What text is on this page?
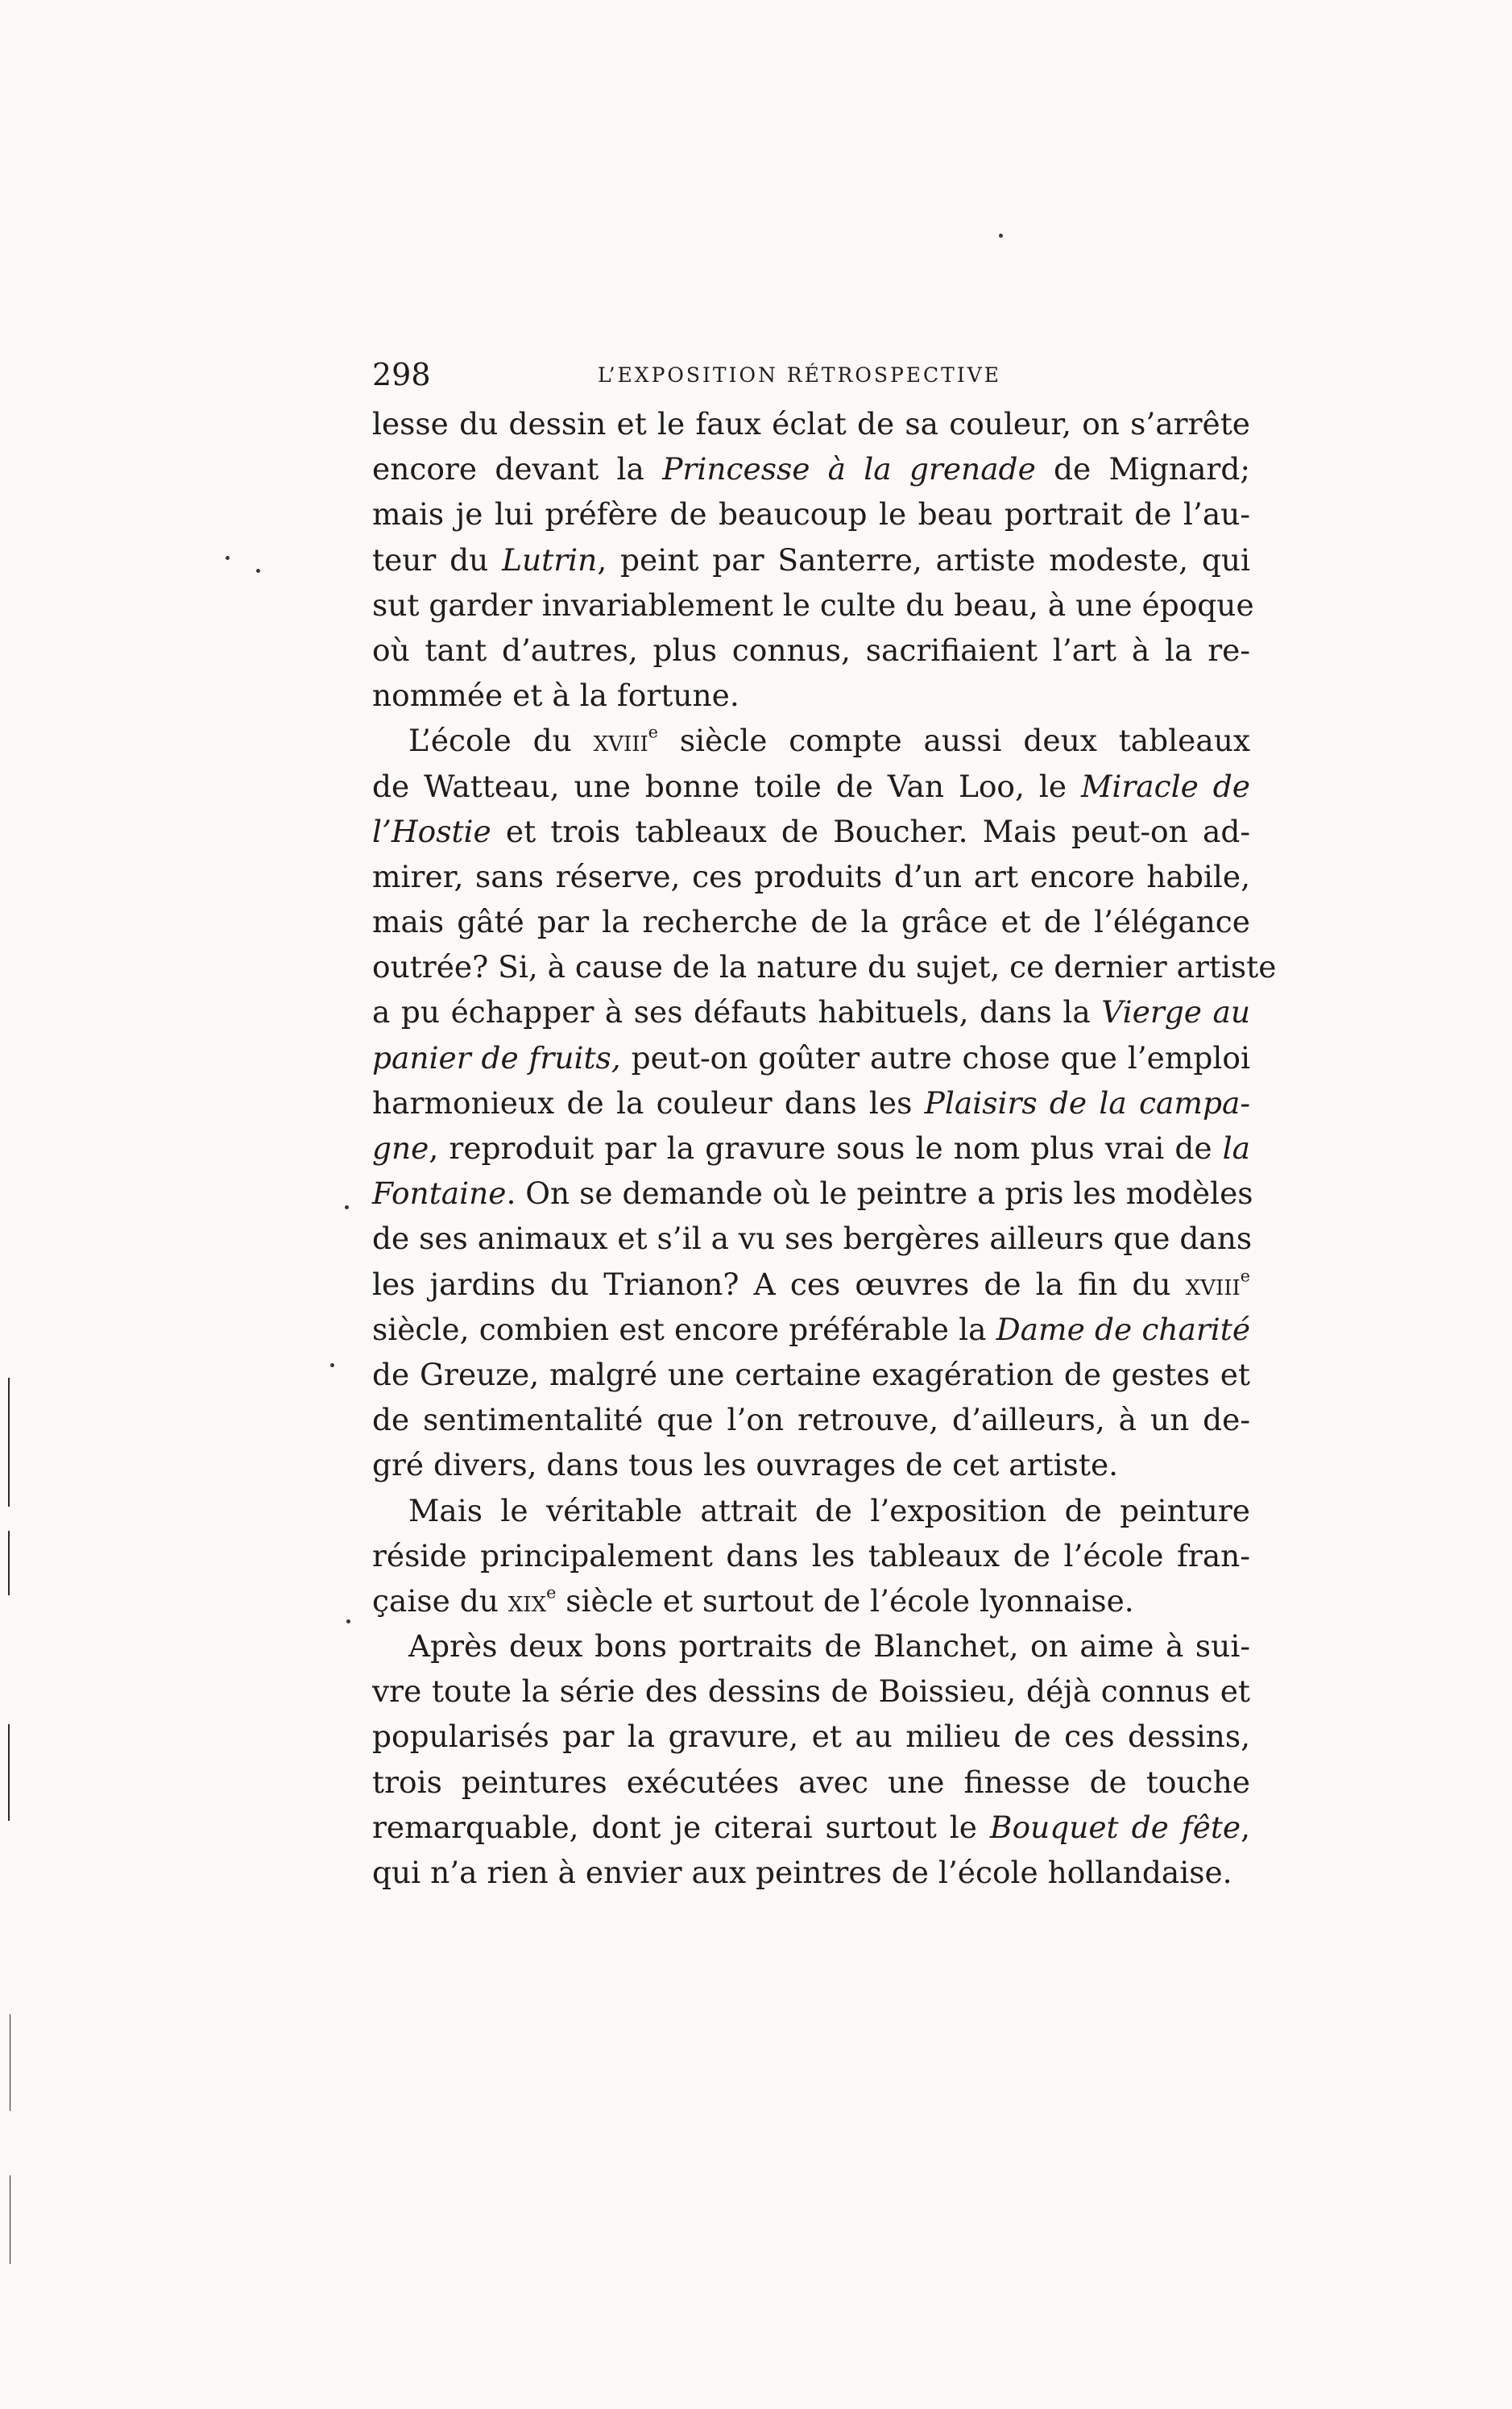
298	L’EXPOSITION RÉTROSPECTIVE
lesse du dessin et le faux éclat de sa couleur, on s’arrête
encore devant la Princesse à la grenade de Mignard;
mais je lui préfère de beaucoup le beau portrait de l’au-
teur du Lutrin, peint par Santerre, artiste modeste, qui
sut garder invariablement le culte du beau, à une époque
où tant d’autres, plus connus, sacrifiaient l’art à la re-
nommée et à la fortune.
L’école du xviii$^e$ siècle compte aussi deux tableaux
de Watteau, une bonne toile de Van Loo, le Miracle de
l’Hostie et trois tableaux de Boucher. Mais peut-on ad-
mirer, sans réserve, ces produits d’un art encore habile,
mais gâté par la recherche de la grâce et de l’élégance
outrée? Si, à cause de la nature du sujet, ce dernier artiste
a pu échapper à ses défauts habituels, dans la Vierge au
panier de fruits, peut-on goûter autre chose que l’emploi
harmonieux de la couleur dans les Plaisirs de la campa-
gne, reproduit par la gravure sous le nom plus vrai de la
Fontaine. On se demande où le peintre a pris les modèles
de ses animaux et s’il a vu ses bergères ailleurs que dans
les jardins du Trianon? A ces œuvres de la fin du xviii$^e$
siècle, combien est encore préférable la Dame de charité
de Greuze, malgré une certaine exagération de gestes et
de sentimentalité que l’on retrouve, d’ailleurs, à un de-
gré divers, dans tous les ouvrages de cet artiste.
Mais le véritable attrait de l’exposition de peinture
réside principalement dans les tableaux de l’école fran-
çaise du xix$^e$ siècle et surtout de l’école lyonnaise.
Après deux bons portraits de Blanchet, on aime à sui-
vre toute la série des dessins de Boissieu, déjà connus et
popularisés par la gravure, et au milieu de ces dessins,
trois peintures exécutées avec une finesse de touche
remarquable, dont je citerai surtout le Bouquet de fête,
qui n’a rien à envier aux peintres de l’école hollandaise.
